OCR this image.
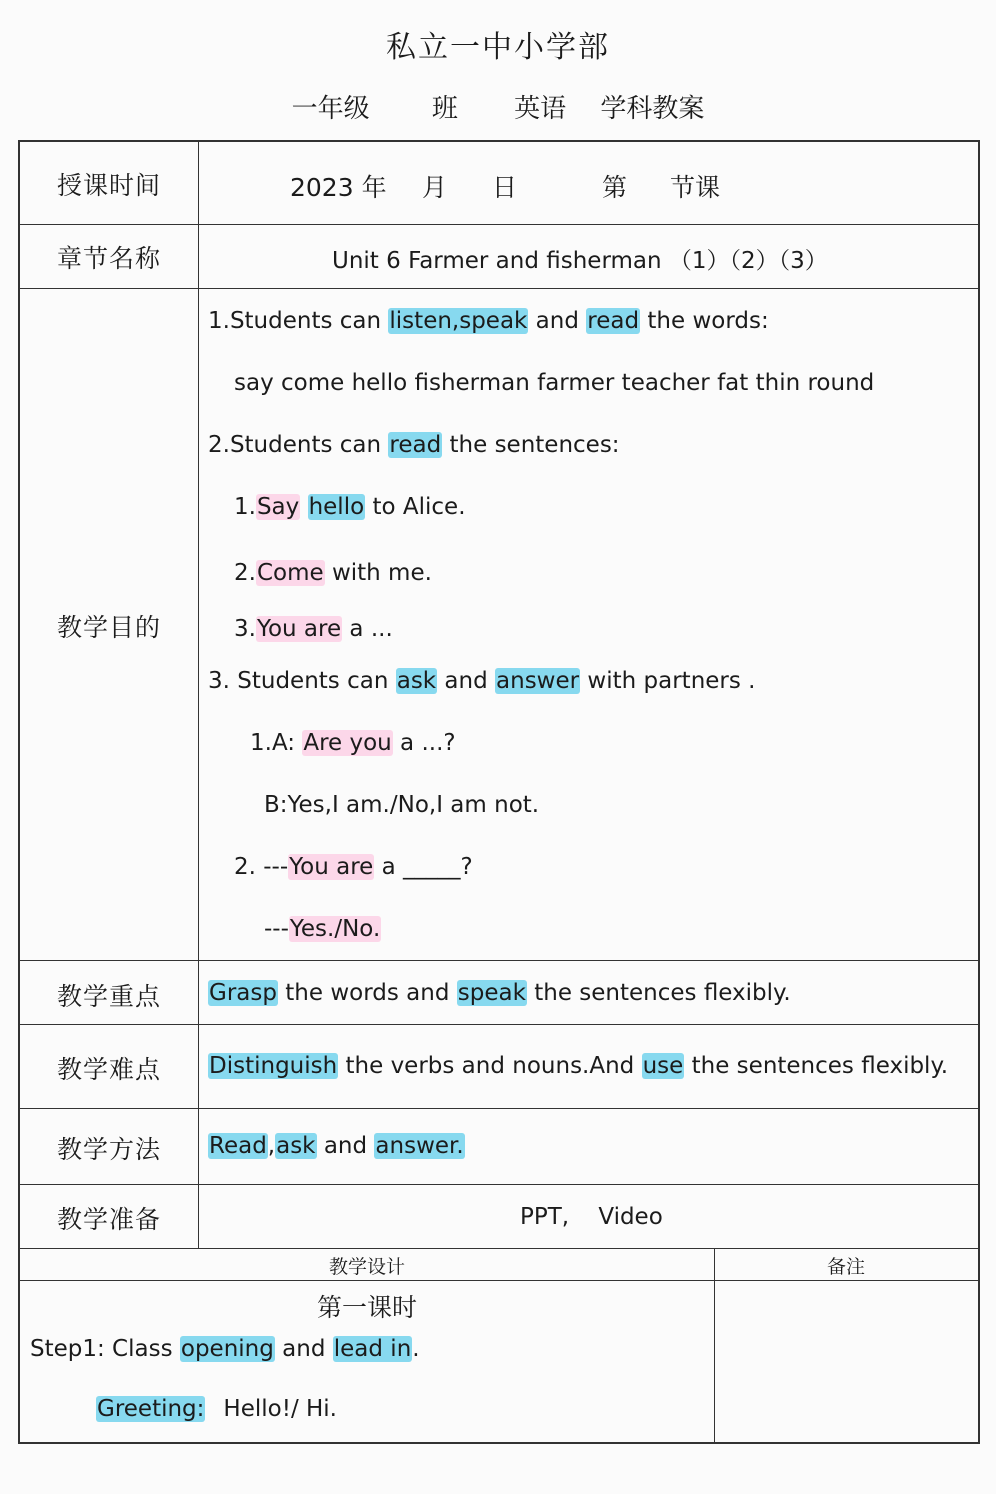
私立一中小学部
一年级 班 英语 学科教案
授课时间	2023 年 月 日	第 节课
章节名称	Unit 6 Farmer and fisherman （1）（2）（3）
教学目的
1.Students can listen,speak and read the words:
say come hello fisherman farmer teacher fat thin round
2.Students can read the sentences:
1.Say hello to Alice.
2.Come with me.
3.You are a ...
3. Students can ask and answer with partners .
1.A: Are you a ...?
B:Yes,I am./No,I am not.
2. ---You are a _____?
---Yes./No.
教学重点	Grasp the words and speak the sentences flexibly.
教学难点	Distinguish the verbs and nouns.And use the sentences flexibly.
教学方法	Read,ask and answer.
教学准备	PPT,    Video
教学设计	备注
第一课时
Step1: Class opening and lead in.
Greeting: Hello!/ Hi.
